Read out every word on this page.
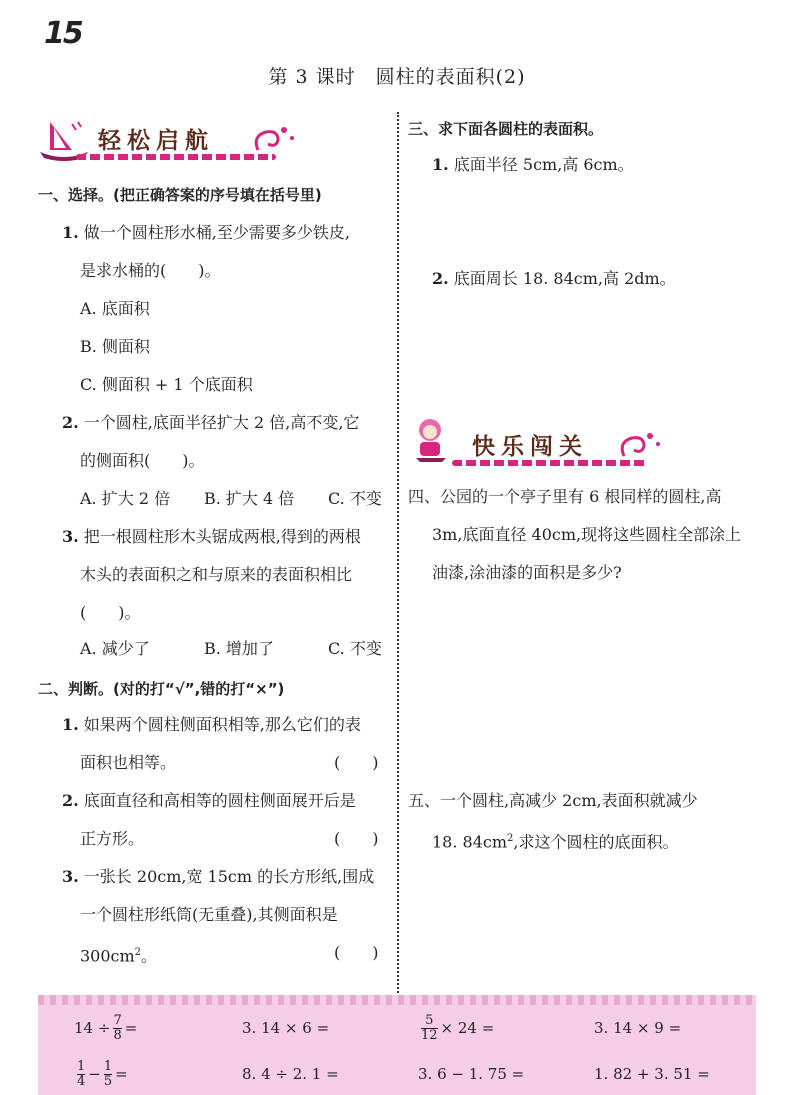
15
第 3 课时　圆柱的表面积(2)
轻松启航
一、选择。(把正确答案的序号填在括号里)
1. 做一个圆柱形水桶,至少需要多少铁皮,
是求水桶的(　　)。
A. 底面积
B. 侧面积
C. 侧面积 + 1 个底面积
2. 一个圆柱,底面半径扩大 2 倍,高不变,它
的侧面积(　　)。
A. 扩大 2 倍 B. 扩大 4 倍 C. 不变
3. 把一根圆柱形木头锯成两根,得到的两根
木头的表面积之和与原来的表面积相比
(　　)。
A. 减少了	B. 增加了	C. 不变
二、判断。(对的打“√”,错的打“×”)
1. 如果两个圆柱侧面积相等,那么它们的表
面积也相等。	(　　)
2. 底面直径和高相等的圆柱侧面展开后是
正方形。	(　　)
3. 一张长 20cm,宽 15cm 的长方形纸,围成
一个圆柱形纸筒(无重叠),其侧面积是
$300cm^2$。	(　　)
三、求下面各圆柱的表面积。
1. 底面半径 5cm,高 6cm。
2. 底面周长 18. 84cm,高 2dm。
快乐闯关
四、公园的一个亭子里有 6 根同样的圆柱,高
3m,底面直径 40cm,现将这些圆柱全部涂上
油漆,涂油漆的面积是多少?
五、一个圆柱,高减少 2cm,表面积就减少
18. $84cm^2$,求这个圆柱的底面积。
$14 \div \frac{7}{8}$ =	3. 14 × 6 =	$\frac{5}{12} \times 24$ =	3. 14 × 9 =
$\frac{1}{4} - \frac{1}{5}$ =	8. 4 ÷ 2. 1 =	3. 6 − 1. 75 =	1. 82 + 3. 51 =
